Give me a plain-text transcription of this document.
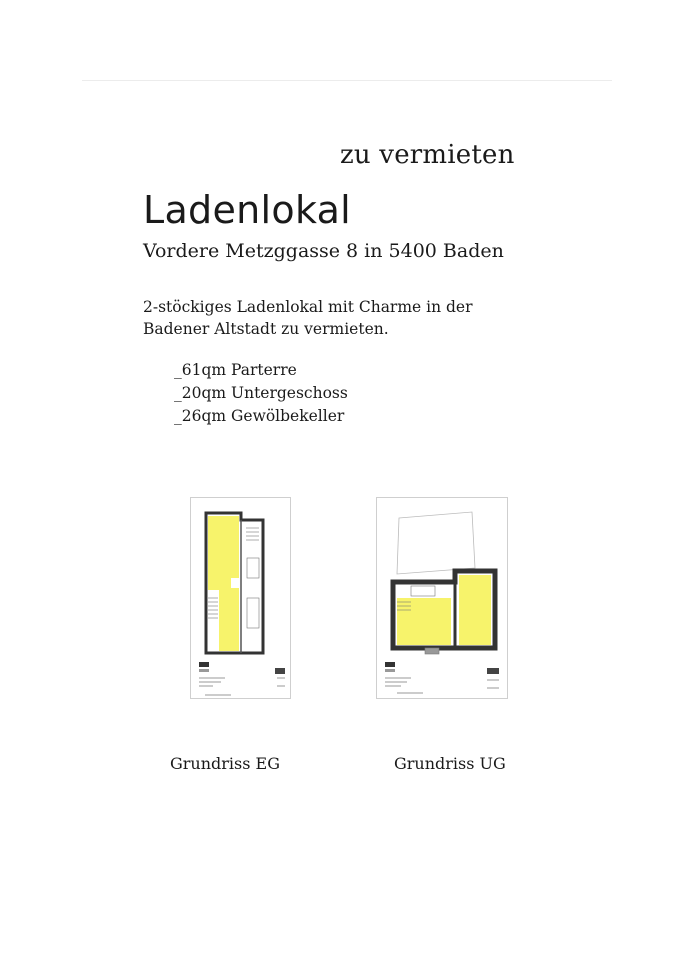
zu vermieten
Ladenlokal
Vordere Metzggasse 8 in 5400 Baden
2-stöckiges Ladenlokal mit Charme in der
Badener Altstadt zu vermieten.
_61qm Parterre
_20qm Untergeschoss
_26qm Gewölbekeller
Grundriss EG	Grundriss UG
